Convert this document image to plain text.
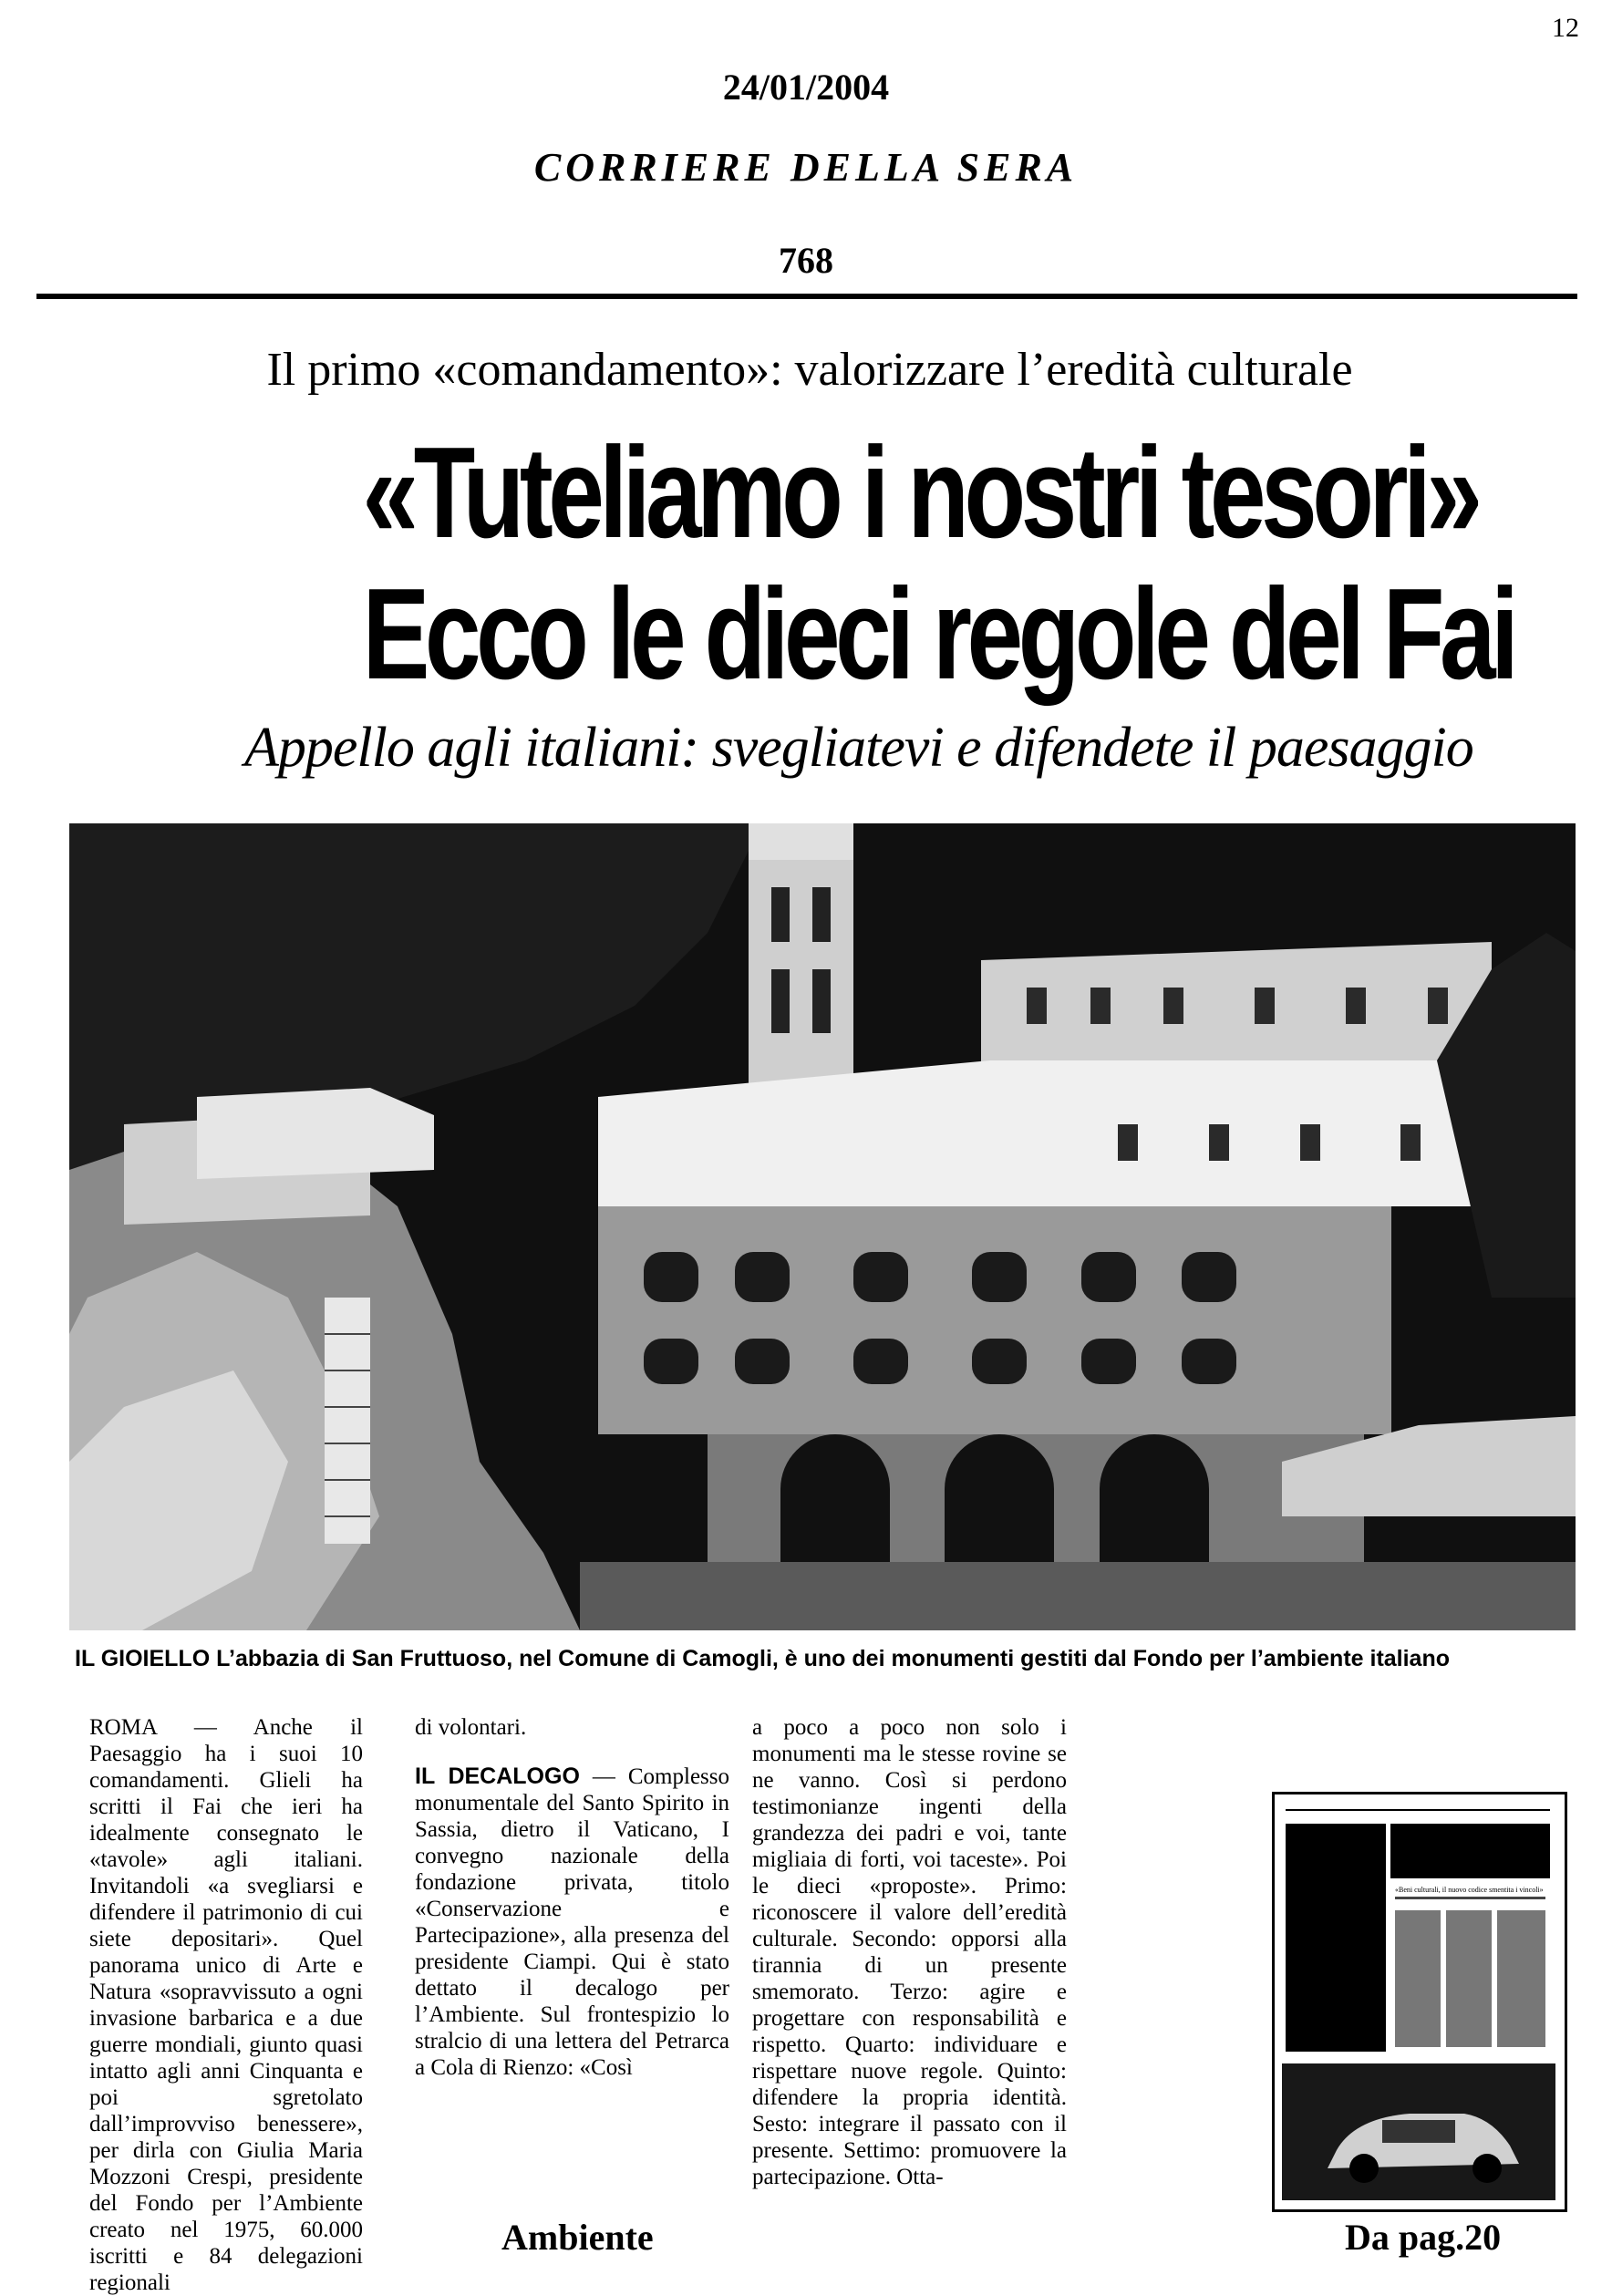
12
24/01/2004
CORRIERE DELLA SERA
768
Il primo «comandamento»: valorizzare l’eredità culturale
«Tuteliamo i nostri tesori»
Ecco le dieci regole del Fai
Appello agli italiani: svegliatevi e difendete il paesaggio
IL GIOIELLO L’abbazia di San Fruttuoso, nel Comune di Camogli, è uno dei monumenti gestiti dal Fondo per l’ambiente italiano
ROMA — Anche il Paesaggio ha i suoi 10 comandamenti. Glieli ha scritti il Fai che ieri ha idealmente consegnato le «tavole» agli italiani. Invitandoli «a svegliarsi e difendere il patrimonio di cui siete depositari». Quel panorama unico di Arte e Natura «sopravvissuto a ogni invasione barbarica e a due guerre mondiali, giunto quasi intatto agli anni Cinquanta e poi sgretolato dall’improvviso benessere», per dirla con Giulia Maria Mozzoni Crespi, presidente del Fondo per l’Ambiente creato nel 1975, 60.000 iscritti e 84 delegazioni regionali
di volontari.
IL DECALOGO — Complesso monumentale del Santo Spirito in Sassia, dietro il Vaticano, I convegno nazionale della fondazione privata, titolo «Conservazione e Partecipazione», alla presenza del presidente Ciampi. Qui è stato dettato il decalogo per l’Ambiente. Sul frontespizio lo stralcio di una lettera del Petrarca a Cola di Rienzo: «Così
a poco a poco non solo i monumenti ma le stesse rovine se ne vanno. Così si perdono testimonianze ingenti della grandezza dei padri e voi, tante migliaia di forti, voi taceste». Poi le dieci «proposte». Primo: riconoscere il valore dell’eredità culturale. Secondo: opporsi alla tirannia di un presente smemorato. Terzo: agire e progettare con responsabilità e rispetto. Quarto: individuare e rispettare nuove regole. Quinto: difendere la propria identità. Sesto: integrare il passato con il presente. Settimo: promuovere la partecipazione. Otta-
«Beni culturali, il nuovo codice smentita i vincoli»
Ambiente	Da pag.20
